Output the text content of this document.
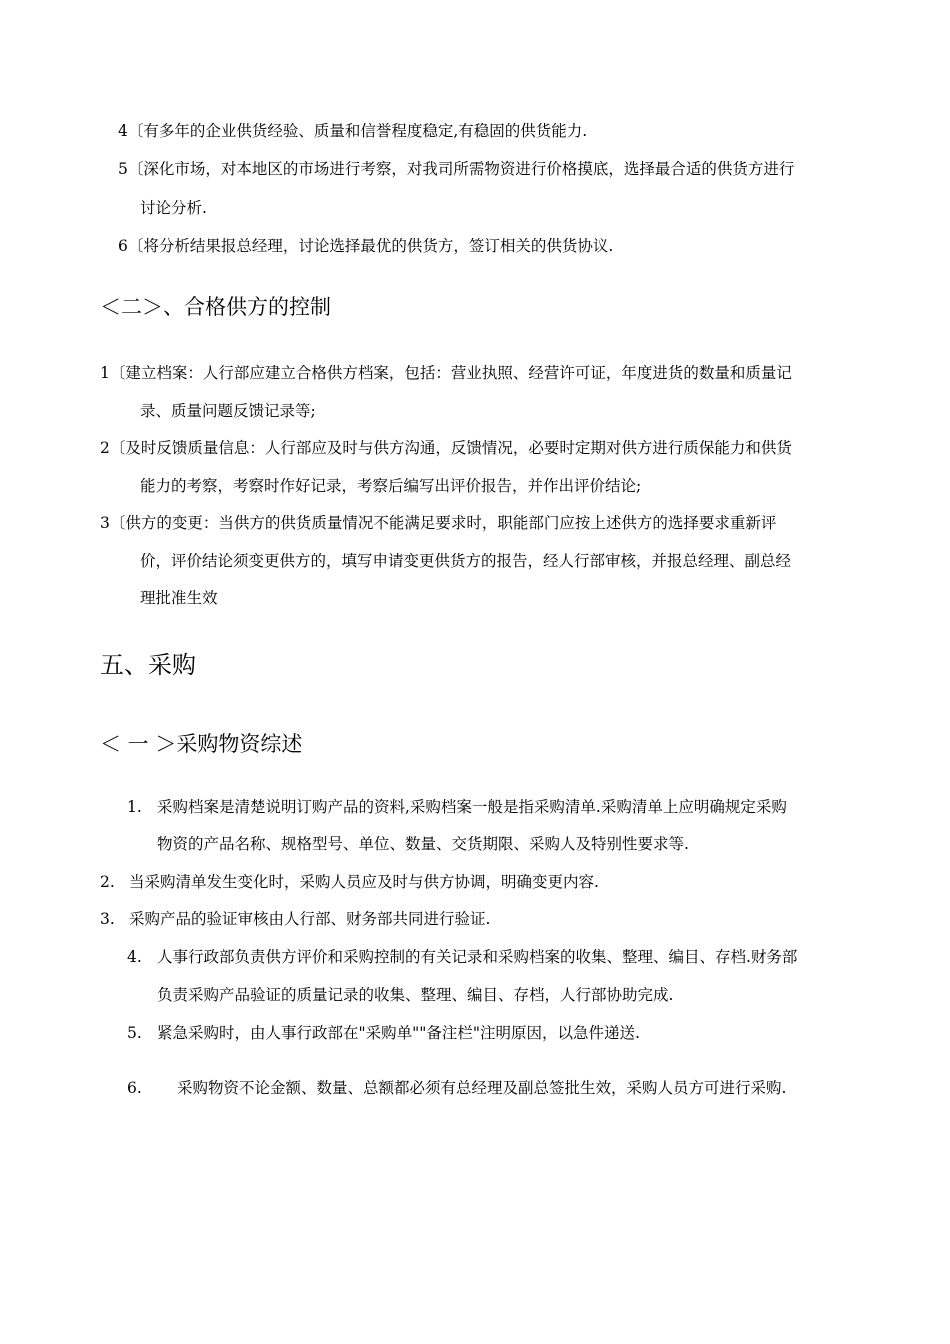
4〔有多年的企业供货经验、质量和信誉程度稳定,有稳固的供货能力.
5〔深化市场，对本地区的市场进行考察，对我司所需物资进行价格摸底，选择最合适的供货方进行
讨论分析.
6〔将分析结果报总经理，讨论选择最优的供货方，签订相关的供货协议.
＜二＞、合格供方的控制
1〔建立档案：人行部应建立合格供方档案，包括：营业执照、经营许可证，年度进货的数量和质量记
录、质量问题反馈记录等;
2〔及时反馈质量信息：人行部应及时与供方沟通，反馈情况，必要时定期对供方进行质保能力和供货
能力的考察，考察时作好记录，考察后编写出评价报告，并作出评价结论;
3〔供方的变更：当供方的供货质量情况不能满足要求时，职能部门应按上述供方的选择要求重新评
价，评价结论须变更供方的，填写申请变更供货方的报告，经人行部审核，并报总经理、副总经
理批准生效
五、采购
＜ 一 ＞采购物资综述
1. 采购档案是清楚说明订购产品的资料,采购档案一般是指采购清单.采购清单上应明确规定采购
物资的产品名称、规格型号、单位、数量、交货期限、采购人及特别性要求等.
2. 当采购清单发生变化时，采购人员应及时与供方协调，明确变更内容.
3. 采购产品的验证审核由人行部、财务部共同进行验证.
4. 人事行政部负责供方评价和采购控制的有关记录和采购档案的收集、整理、编目、存档.财务部
负责采购产品验证的质量记录的收集、整理、编目、存档，人行部协助完成.
5. 紧急采购时，由人事行政部在"采购单""备注栏"注明原因，以急件递送.
6. 采购物资不论金额、数量、总额都必须有总经理及副总签批生效，采购人员方可进行采购.
